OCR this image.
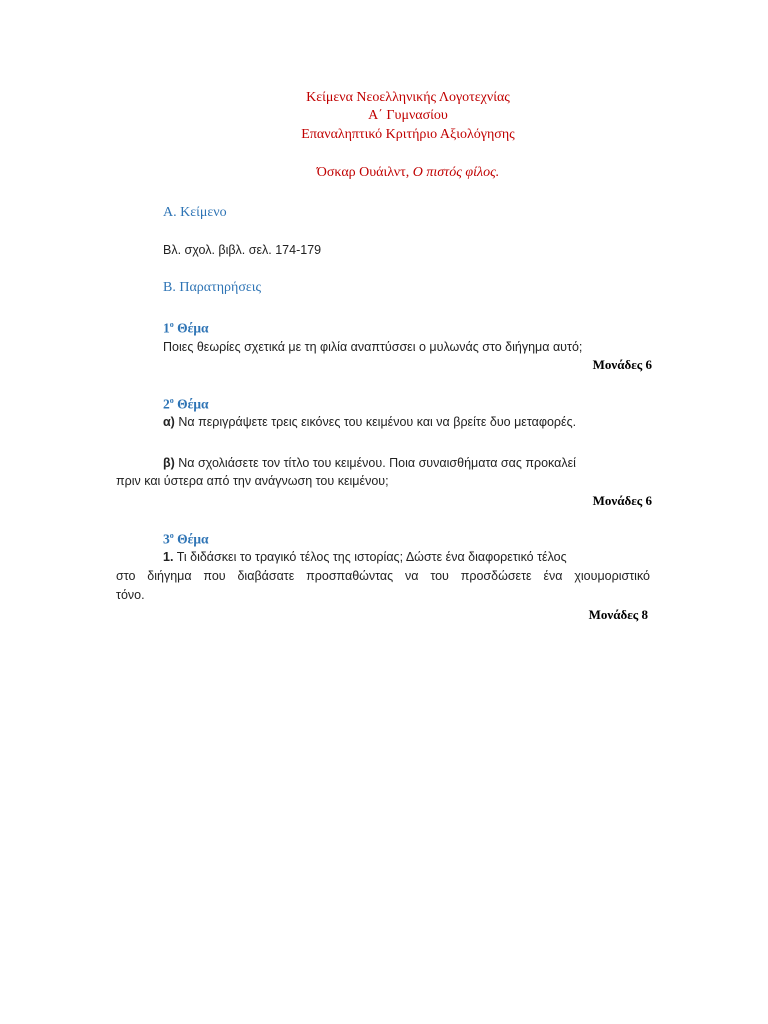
Κείμενα Νεοελληνικής Λογοτεχνίας
Α΄ Γυμνασίου
Επαναληπτικό Κριτήριο Αξιολόγησης
Όσκαρ Ουάιλντ, Ο πιστός φίλος.
Α. Κείμενο
Βλ. σχολ. βιβλ. σελ. 174-179
Β. Παρατηρήσεις
$1^o$ Θέμα
Ποιες θεωρίες σχετικά με τη φιλία αναπτύσσει ο μυλωνάς στο διήγημα αυτό;
Μονάδες 6
$2^o$ Θέμα
α) Να περιγράψετε τρεις εικόνες του κειμένου και να βρείτε δυο μεταφορές.
β) Να σχολιάσετε τον τίτλο του κειμένου. Ποια συναισθήματα σας προκαλεί
πριν και ύστερα από την ανάγνωση του κειμένου;
Μονάδες 6
$3^o$ Θέμα
1. Τι διδάσκει το τραγικό τέλος της ιστορίας; Δώστε ένα διαφορετικό τέλος
στο διήγημα που διαβάσατε προσπαθώντας να του προσδώσετε ένα χιουμοριστικό
τόνο.
Μονάδες 8
